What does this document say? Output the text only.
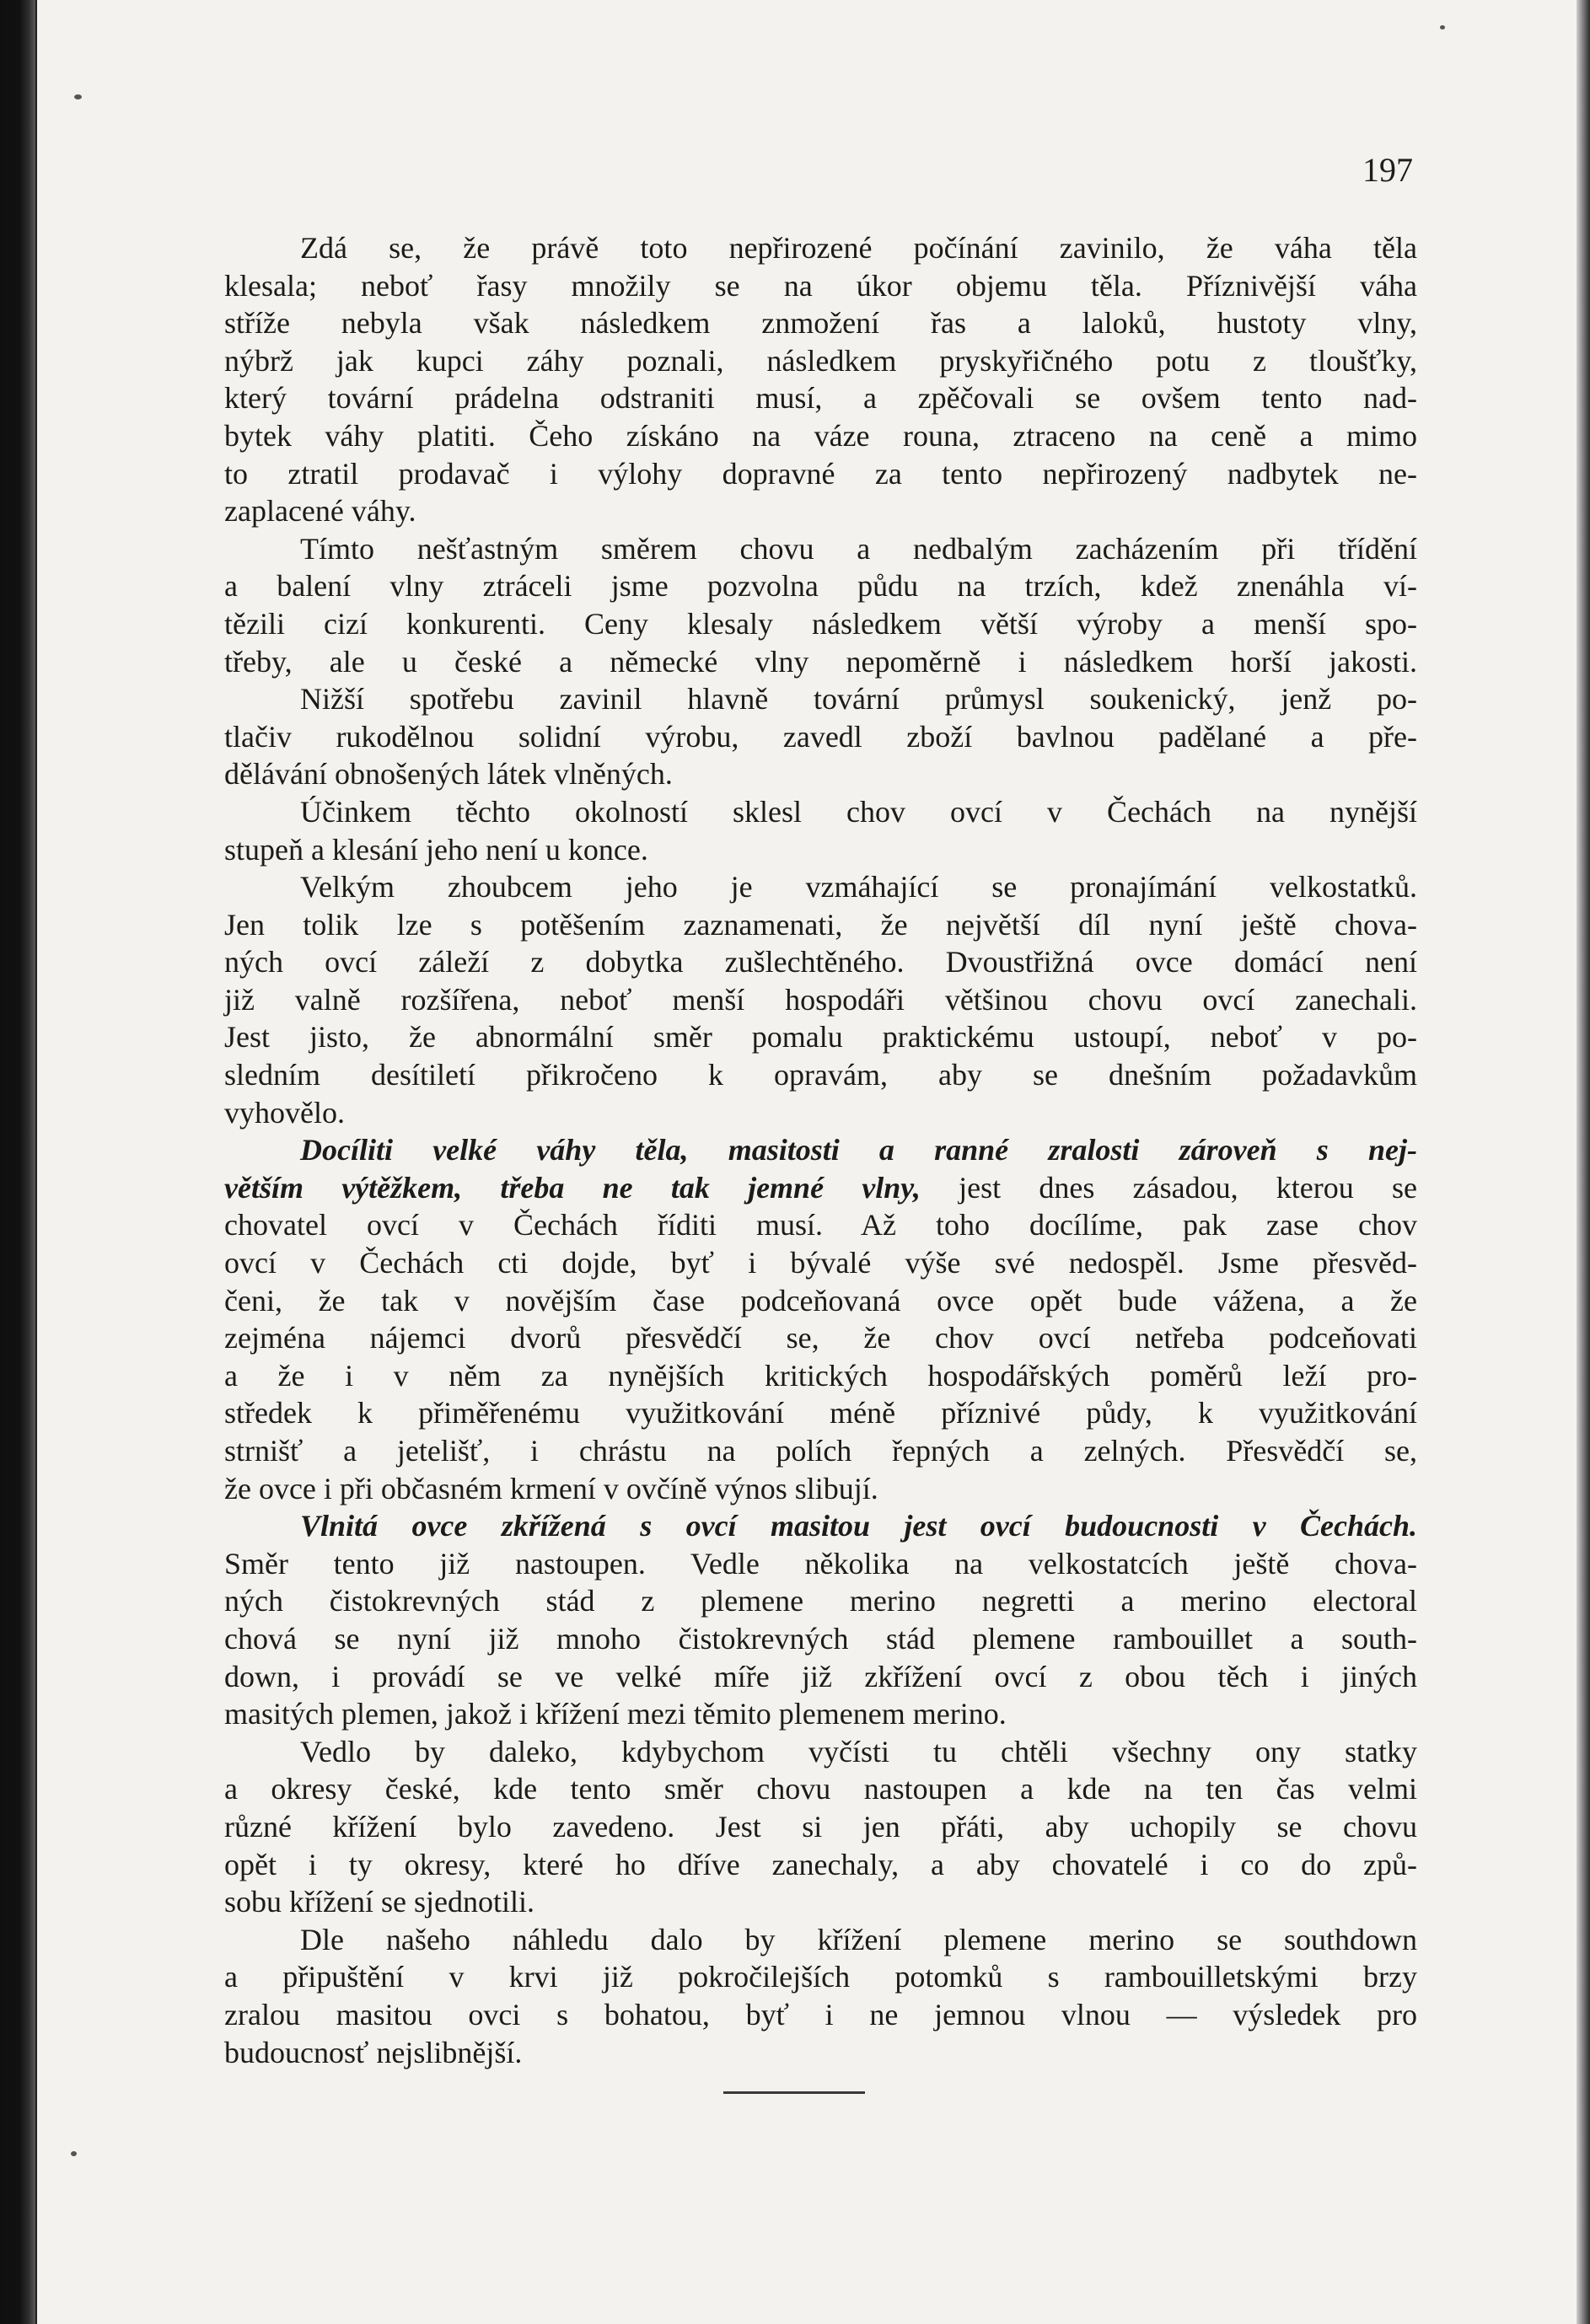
197
Zdá se, že právě toto nepřirozené počínání zavinilo, že váha těla
klesala; neboť řasy množily se na úkor objemu těla. Příznivější váha
stříže nebyla však následkem znmožení řas a laloků, hustoty vlny,
nýbrž jak kupci záhy poznali, následkem pryskyřičného potu z tloušťky,
který tovární prádelna odstraniti musí, a zpěčovali se ovšem tento nad-
bytek váhy platiti. Čeho získáno na váze rouna, ztraceno na ceně a mimo
to ztratil prodavač i výlohy dopravné za tento nepřirozený nadbytek ne-
zaplacené váhy.
Tímto nešťastným směrem chovu a nedbalým zacházením při třídění
a balení vlny ztráceli jsme pozvolna půdu na trzích, kdež znenáhla ví-
tězili cizí konkurenti. Ceny klesaly následkem větší výroby a menší spo-
třeby, ale u české a německé vlny nepoměrně i následkem horší jakosti.
Nižší spotřebu zavinil hlavně tovární průmysl soukenický, jenž po-
tlačiv rukodělnou solidní výrobu, zavedl zboží bavlnou padělané a pře-
dělávání obnošených látek vlněných.
Účinkem těchto okolností sklesl chov ovcí v Čechách na nynější
stupeň a klesání jeho není u konce.
Velkým zhoubcem jeho je vzmáhající se pronajímání velkostatků.
Jen tolik lze s potěšením zaznamenati, že největší díl nyní ještě chova-
ných ovcí záleží z dobytka zušlechtěného. Dvoustřižná ovce domácí není
již valně rozšířena, neboť menší hospodáři většinou chovu ovcí zanechali.
Jest jisto, že abnormální směr pomalu praktickému ustoupí, neboť v po-
sledním desítiletí přikročeno k opravám, aby se dnešním požadavkům
vyhovělo.
Docíliti velké váhy těla, masitosti a ranné zralosti zároveň s nej-
větším výtěžkem, třeba ne tak jemné vlny, jest dnes zásadou, kterou se
chovatel ovcí v Čechách říditi musí. Až toho docílíme, pak zase chov
ovcí v Čechách cti dojde, byť i bývalé výše své nedospěl. Jsme přesvěd-
čeni, že tak v novějším čase podceňovaná ovce opět bude vážena, a že
zejména nájemci dvorů přesvědčí se, že chov ovcí netřeba podceňovati
a že i v něm za nynějších kritických hospodářských poměrů leží pro-
středek k přiměřenému využitkování méně příznivé půdy, k využitkování
strnišť a jetelišť, i chrástu na polích řepných a zelných. Přesvědčí se,
že ovce i při občasném krmení v ovčíně výnos slibují.
Vlnitá ovce zkřížená s ovcí masitou jest ovcí budoucnosti v Čechách.
Směr tento již nastoupen. Vedle několika na velkostatcích ještě chova-
ných čistokrevných stád z plemene merino negretti a merino electoral
chová se nyní již mnoho čistokrevných stád plemene rambouillet a south-
down, i provádí se ve velké míře již zkřížení ovcí z obou těch i jiných
masitých plemen, jakož i křížení mezi těmito plemenem merino.
Vedlo by daleko, kdybychom vyčísti tu chtěli všechny ony statky
a okresy české, kde tento směr chovu nastoupen a kde na ten čas velmi
různé křížení bylo zavedeno. Jest si jen přáti, aby uchopily se chovu
opět i ty okresy, které ho dříve zanechaly, a aby chovatelé i co do způ-
sobu křížení se sjednotili.
Dle našeho náhledu dalo by křížení plemene merino se southdown
a připuštění v krvi již pokročilejších potomků s rambouilletskými brzy
zralou masitou ovci s bohatou, byť i ne jemnou vlnou — výsledek pro
budoucnosť nejslibnější.
